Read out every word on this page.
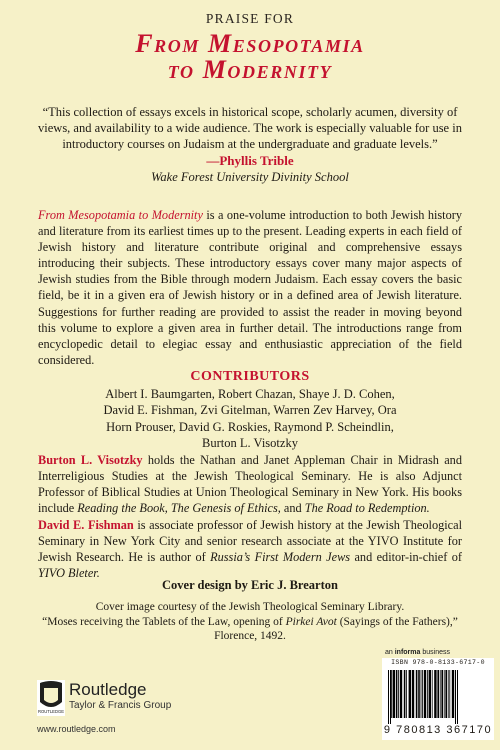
PRAISE FOR
From Mesopotamia
to Modernity
“This collection of essays excels in historical scope, scholarly acumen, diversity of views, and availability to a wide audience. The work is especially valuable for use in introductory courses on Judaism at the undergraduate and graduate levels.”
—Phyllis Trible
Wake Forest University Divinity School
From Mesopotamia to Modernity is a one-volume introduction to both Jewish history and literature from its earliest times up to the present. Leading experts in each field of Jewish history and literature contribute original and comprehensive essays introducing their subjects. These introductory essays cover many major aspects of Jewish studies from the Bible through modern Judaism. Each essay covers the basic field, be it in a given era of Jewish history or in a defined area of Jewish literature. Suggestions for further reading are provided to assist the reader in moving beyond this volume to explore a given area in further detail. The introductions range from encyclopedic detail to elegiac essay and enthusiastic appreciation of the field considered.
CONTRIBUTORS
Albert I. Baumgarten, Robert Chazan, Shaye J. D. Cohen, David E. Fishman, Zvi Gitelman, Warren Zev Harvey, Ora Horn Prouser, David G. Roskies, Raymond P. Scheindlin, Burton L. Visotzky
Burton L. Visotzky holds the Nathan and Janet Appleman Chair in Midrash and Interreligious Studies at the Jewish Theological Seminary. He is also Adjunct Professor of Biblical Studies at Union Theological Seminary in New York. His books include Reading the Book, The Genesis of Ethics, and The Road to Redemption.
David E. Fishman is associate professor of Jewish history at the Jewish Theological Seminary in New York City and senior research associate at the YIVO Institute for Jewish Research. He is author of Russia’s First Modern Jews and editor-in-chief of YIVO Bleter.
Cover design by Eric J. Brearton
Cover image courtesy of the Jewish Theological Seminary Library.
“Moses receiving the Tablets of the Law, opening of Pirkei Avot (Sayings of the Fathers),”
Florence, 1492.
an informa business
ISBN 978-0-8133-6717-0
9 780813 367170
ROUTLEDGE
Routledge
Taylor & Francis Group
www.routledge.com
